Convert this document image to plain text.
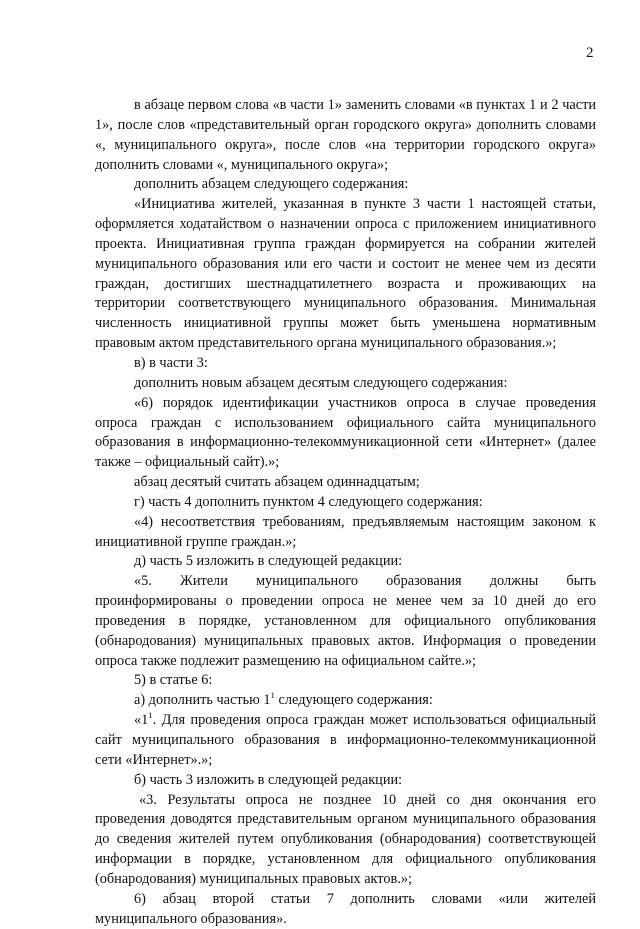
2

в абзаце первом слова «в части 1» заменить словами «в пунктах 1 и 2 части 1», после слов «представительный орган городского округа» дополнить словами «, муниципального округа», после слов «на территории городского округа» дополнить словами «, муниципального округа»;

дополнить абзацем следующего содержания:

«Инициатива жителей, указанная в пункте 3 части 1 настоящей статьи, оформляется ходатайством о назначении опроса с приложением инициативного проекта. Инициативная группа граждан формируется на собрании жителей муниципального образования или его части и состоит не менее чем из десяти граждан, достигших шестнадцатилетнего возраста и проживающих на территории соответствующего муниципального образования. Минимальная численность инициативной группы может быть уменьшена нормативным правовым актом представительного органа муниципального образования.»;

в) в части 3:

дополнить новым абзацем десятым следующего содержания:

«6) порядок идентификации участников опроса в случае проведения опроса граждан с использованием официального сайта муниципального образования в информационно-телекоммуникационной сети «Интернет» (далее также – официальный сайт).»;

абзац десятый считать абзацем одиннадцатым;

г) часть 4 дополнить пунктом 4 следующего содержания:

«4) несоответствия требованиям, предъявляемым настоящим законом к инициативной группе граждан.»;

д) часть 5 изложить в следующей редакции:

«5. Жители муниципального образования должны быть проинформированы о проведении опроса не менее чем за 10 дней до его проведения в порядке, установленном для официального опубликования (обнародования) муниципальных правовых актов. Информация о проведении опроса также подлежит размещению на официальном сайте.»;

5) в статье 6:

а) дополнить частью $1^1$ следующего содержания:

«$1^1$. Для проведения опроса граждан может использоваться официальный сайт муниципального образования в информационно-телекоммуникационной сети «Интернет».»;

б) часть 3 изложить в следующей редакции:

«3. Результаты опроса не позднее 10 дней со дня окончания его проведения доводятся представительным органом муниципального образования до сведения жителей путем опубликования (обнародования) соответствующей информации в порядке, установленном для официального опубликования (обнародования) муниципальных правовых актов.»;

6) абзац второй статьи 7 дополнить словами «или жителей муниципального образования».
